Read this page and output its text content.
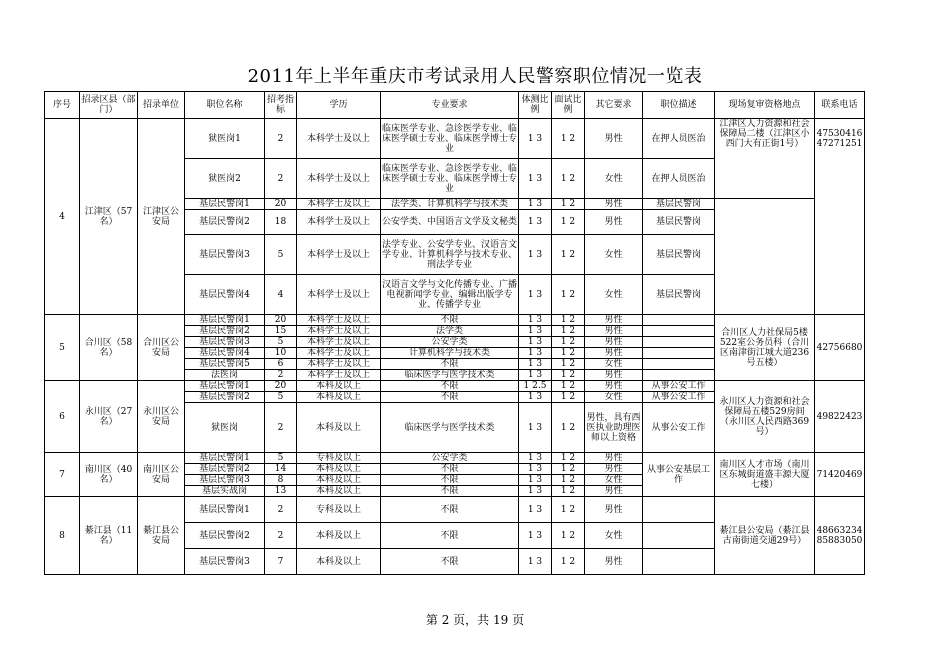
2011年上半年重庆市考试录用人民警察职位情况一览表
序号	招录区县（部门）	招录单位	职位名称	招考指标	学历	专业要求	体测比例	面试比例	其它要求	职位描述	现场复审资格地点	联系电话
4	江津区（57名）	江津区公安局	狱医岗1	2	本科学士及以上	临床医学专业、急诊医学专业、临床医学硕士专业、临床医学博士专业	1 3	1 2	男性	在押人员医治	江津区人力资源和社会保障局二楼（江津区小西门大有正街1号）	47530416 47271251
			狱医岗2	2	本科学士及以上	临床医学专业、急诊医学专业、临床医学硕士专业、临床医学博士专业	1 3	1 2	女性	在押人员医治		
			基层民警岗1	20	本科学士及以上	法学类、计算机科学与技术类	1 3	1 2	男性	基层民警岗		
			基层民警岗2	18	本科学士及以上	公安学类、中国语言文学及文秘类	1 3	1 2	男性	基层民警岗		
			基层民警岗3	5	本科学士及以上	法学专业、公安学专业、汉语言文学专业、计算机科学与技术专业、刑法学专业	1 3	1 2	女性	基层民警岗		
			基层民警岗4	4	本科学士及以上	汉语言文学与文化传播专业、广播电视新闻学专业、编辑出版学专业、传播学专业	1 3	1 2	女性	基层民警岗		
5	合川区（58名）	合川区公安局	基层民警岗1	20	本科学士及以上	不限	1 3	1 2	男性		合川区人力社保局5楼522室公务员科（合川区南津街江城大道236号五楼）	42756680
			基层民警岗2	15	本科学士及以上	法学类	1 3	1 2	男性			
			基层民警岗3	5	本科学士及以上	公安学类	1 3	1 2	男性			
			基层民警岗4	10	本科学士及以上	计算机科学与技术类	1 3	1 2	男性			
			基层民警岗5	6	本科学士及以上	不限	1 3	1 2	女性			
			法医岗	2	本科学士及以上	临床医学与医学技术类	1 3	1 2	男性			
6	永川区（27名）	永川区公安局	基层民警岗1	20	本科及以上	不限	1 2.5	1 2	男性	从事公安工作	永川区人力资源和社会保障局五楼529房间（永川区人民西路369号）	49822423
			基层民警岗2	5	本科及以上	不限	1 3	1 2	女性	从事公安工作		
			狱医岗	2	本科及以上	临床医学与医学技术类	1 3	1 2	男性，具有西医执业助理医师以上资格	从事公安工作		
7	南川区（40名）	南川区公安局	基层民警岗1	5	专科及以上	公安学类	1 3	1 2	男性	从事公安基层工作	南川区人才市场（南川区东城街道盛丰源大厦七楼）	71420469
			基层民警岗2	14	本科及以上	不限	1 3	1 2	男性			
			基层民警岗3	8	本科及以上	不限	1 3	1 2	女性			
			基层实战岗	13	本科及以上	不限	1 3	1 2	男性			
8	綦江县（11名）	綦江县公安局	基层民警岗1	2	专科及以上	不限	1 3	1 2	男性		綦江县公安局（綦江县古南街道交通29号）	48663234 85883050
			基层民警岗2	2	本科及以上	不限	1 3	1 2	女性			
			基层民警岗3	7	本科及以上	不限	1 3	1 2	男性			
第 2 页，共 19 页
